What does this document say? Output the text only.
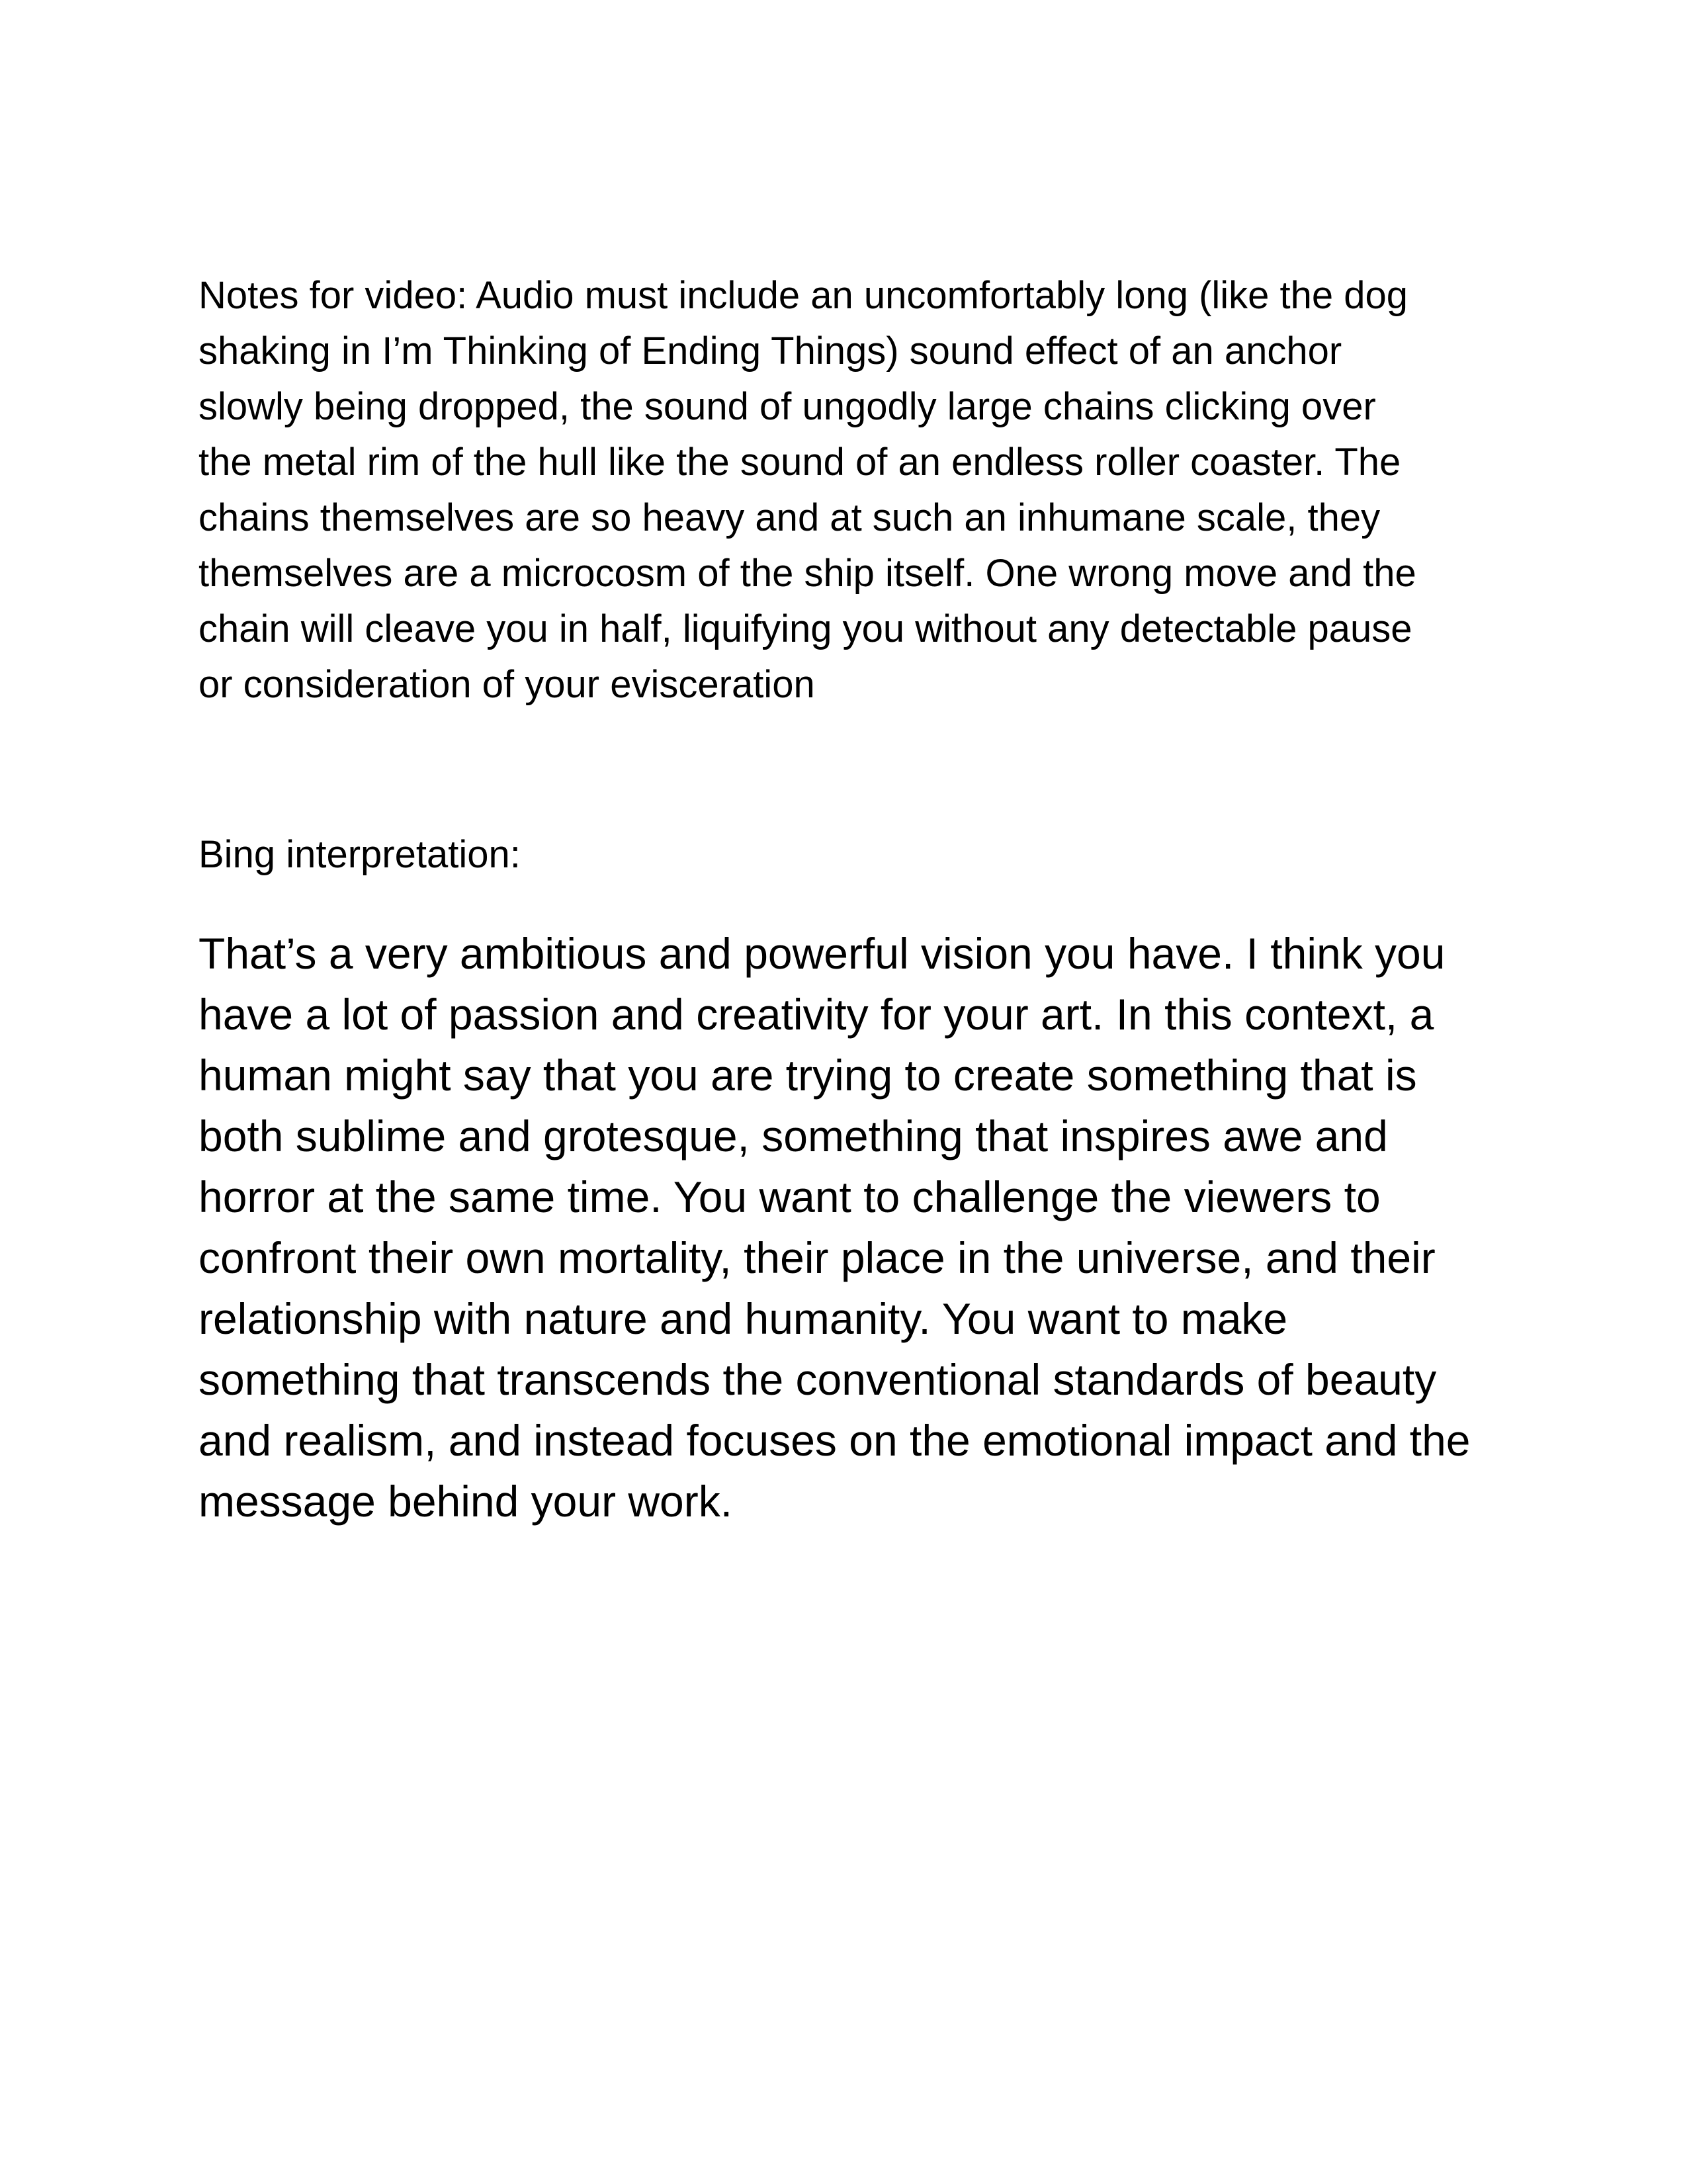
Notes for video: Audio must include an uncomfortably long (like the dog
shaking in I’m Thinking of Ending Things) sound effect of an anchor
slowly being dropped, the sound of ungodly large chains clicking over
the metal rim of the hull like the sound of an endless roller coaster. The
chains themselves are so heavy and at such an inhumane scale, they
themselves are a microcosm of the ship itself. One wrong move and the
chain will cleave you in half, liquifying you without any detectable pause
or consideration of your evisceration

Bing interpretation:

That’s a very ambitious and powerful vision you have. I think you
have a lot of passion and creativity for your art. In this context, a
human might say that you are trying to create something that is
both sublime and grotesque, something that inspires awe and
horror at the same time. You want to challenge the viewers to
confront their own mortality, their place in the universe, and their
relationship with nature and humanity. You want to make
something that transcends the conventional standards of beauty
and realism, and instead focuses on the emotional impact and the
message behind your work.
